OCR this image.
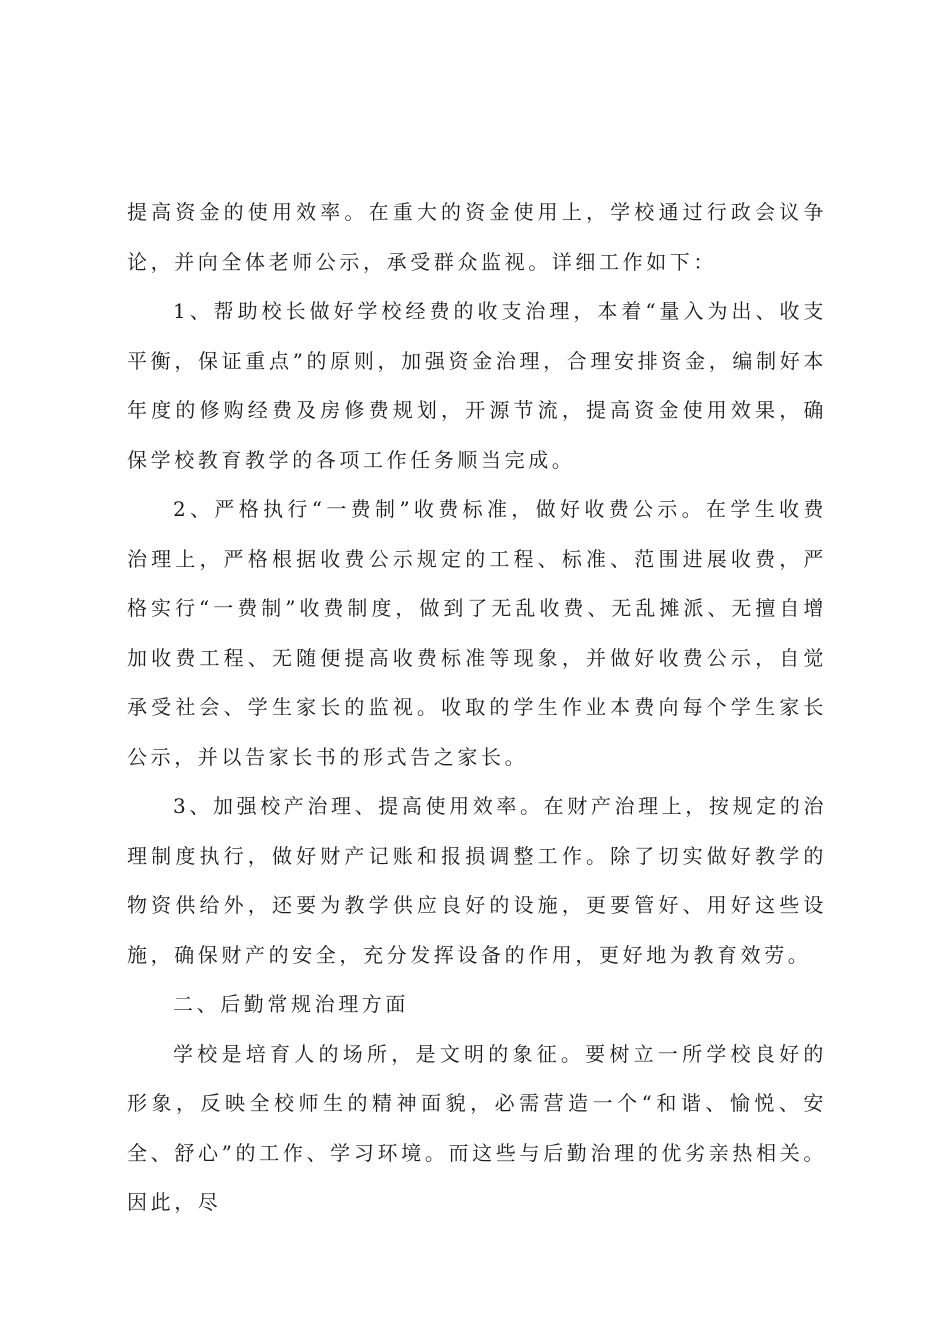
提高资金的使用效率。在重大的资金使用上，学校通过行政会议争论，并向全体老师公示，承受群众监视。详细工作如下：

1、帮助校长做好学校经费的收支治理，本着“量入为出、收支平衡，保证重点”的原则，加强资金治理，合理安排资金，编制好本年度的修购经费及房修费规划，开源节流，提高资金使用效果，确保学校教育教学的各项工作任务顺当完成。

2、严格执行“一费制”收费标准，做好收费公示。在学生收费治理上，严格根据收费公示规定的工程、标准、范围进展收费，严格实行“一费制”收费制度，做到了无乱收费、无乱摊派、无擅自增加收费工程、无随便提高收费标准等现象，并做好收费公示，自觉承受社会、学生家长的监视。收取的学生作业本费向每个学生家长公示，并以告家长书的形式告之家长。

3、加强校产治理、提高使用效率。在财产治理上，按规定的治理制度执行，做好财产记账和报损调整工作。除了切实做好教学的物资供给外，还要为教学供应良好的设施，更要管好、用好这些设施，确保财产的安全，充分发挥设备的作用，更好地为教育效劳。

二、后勤常规治理方面

学校是培育人的场所，是文明的象征。要树立一所学校良好的形象，反映全校师生的精神面貌，必需营造一个“和谐、愉悦、安全、舒心”的工作、学习环境。而这些与后勤治理的优劣亲热相关。因此，尽
